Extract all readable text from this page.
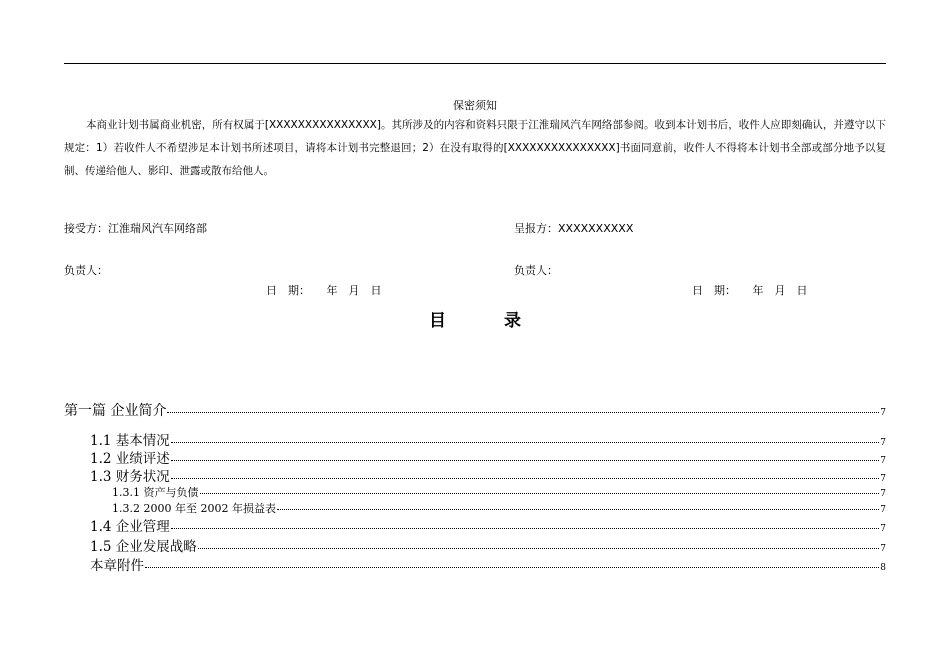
保密须知
本商业计划书属商业机密，所有权属于[XXXXXXXXXXXXXXX]。其所涉及的内容和资料只限于江淮瑞风汽车网络部参阅。收到本计划书后，收件人应即刻确认，并遵守以下规定：1）若收件人不希望涉足本计划书所述项目，请将本计划书完整退回；2）在没有取得的[XXXXXXXXXXXXXXX]书面同意前，收件人不得将本计划书全部或部分地予以复制、传递给他人、影印、泄露或散布给他人。
接受方：江淮瑞风汽车网络部	呈报方：XXXXXXXXXX
负责人：	负责人：
日　期：　　年　月　日	日　期：　　年　月　日
目	录
第一篇 企业简介	7
1.1 基本情况	7
1.2 业绩评述	7
1.3 财务状况	7
1.3.1 资产与负债	7
1.3.2 2000 年至 2002 年损益表	7
1.4 企业管理	7
1.5 企业发展战略	7
本章附件	8
